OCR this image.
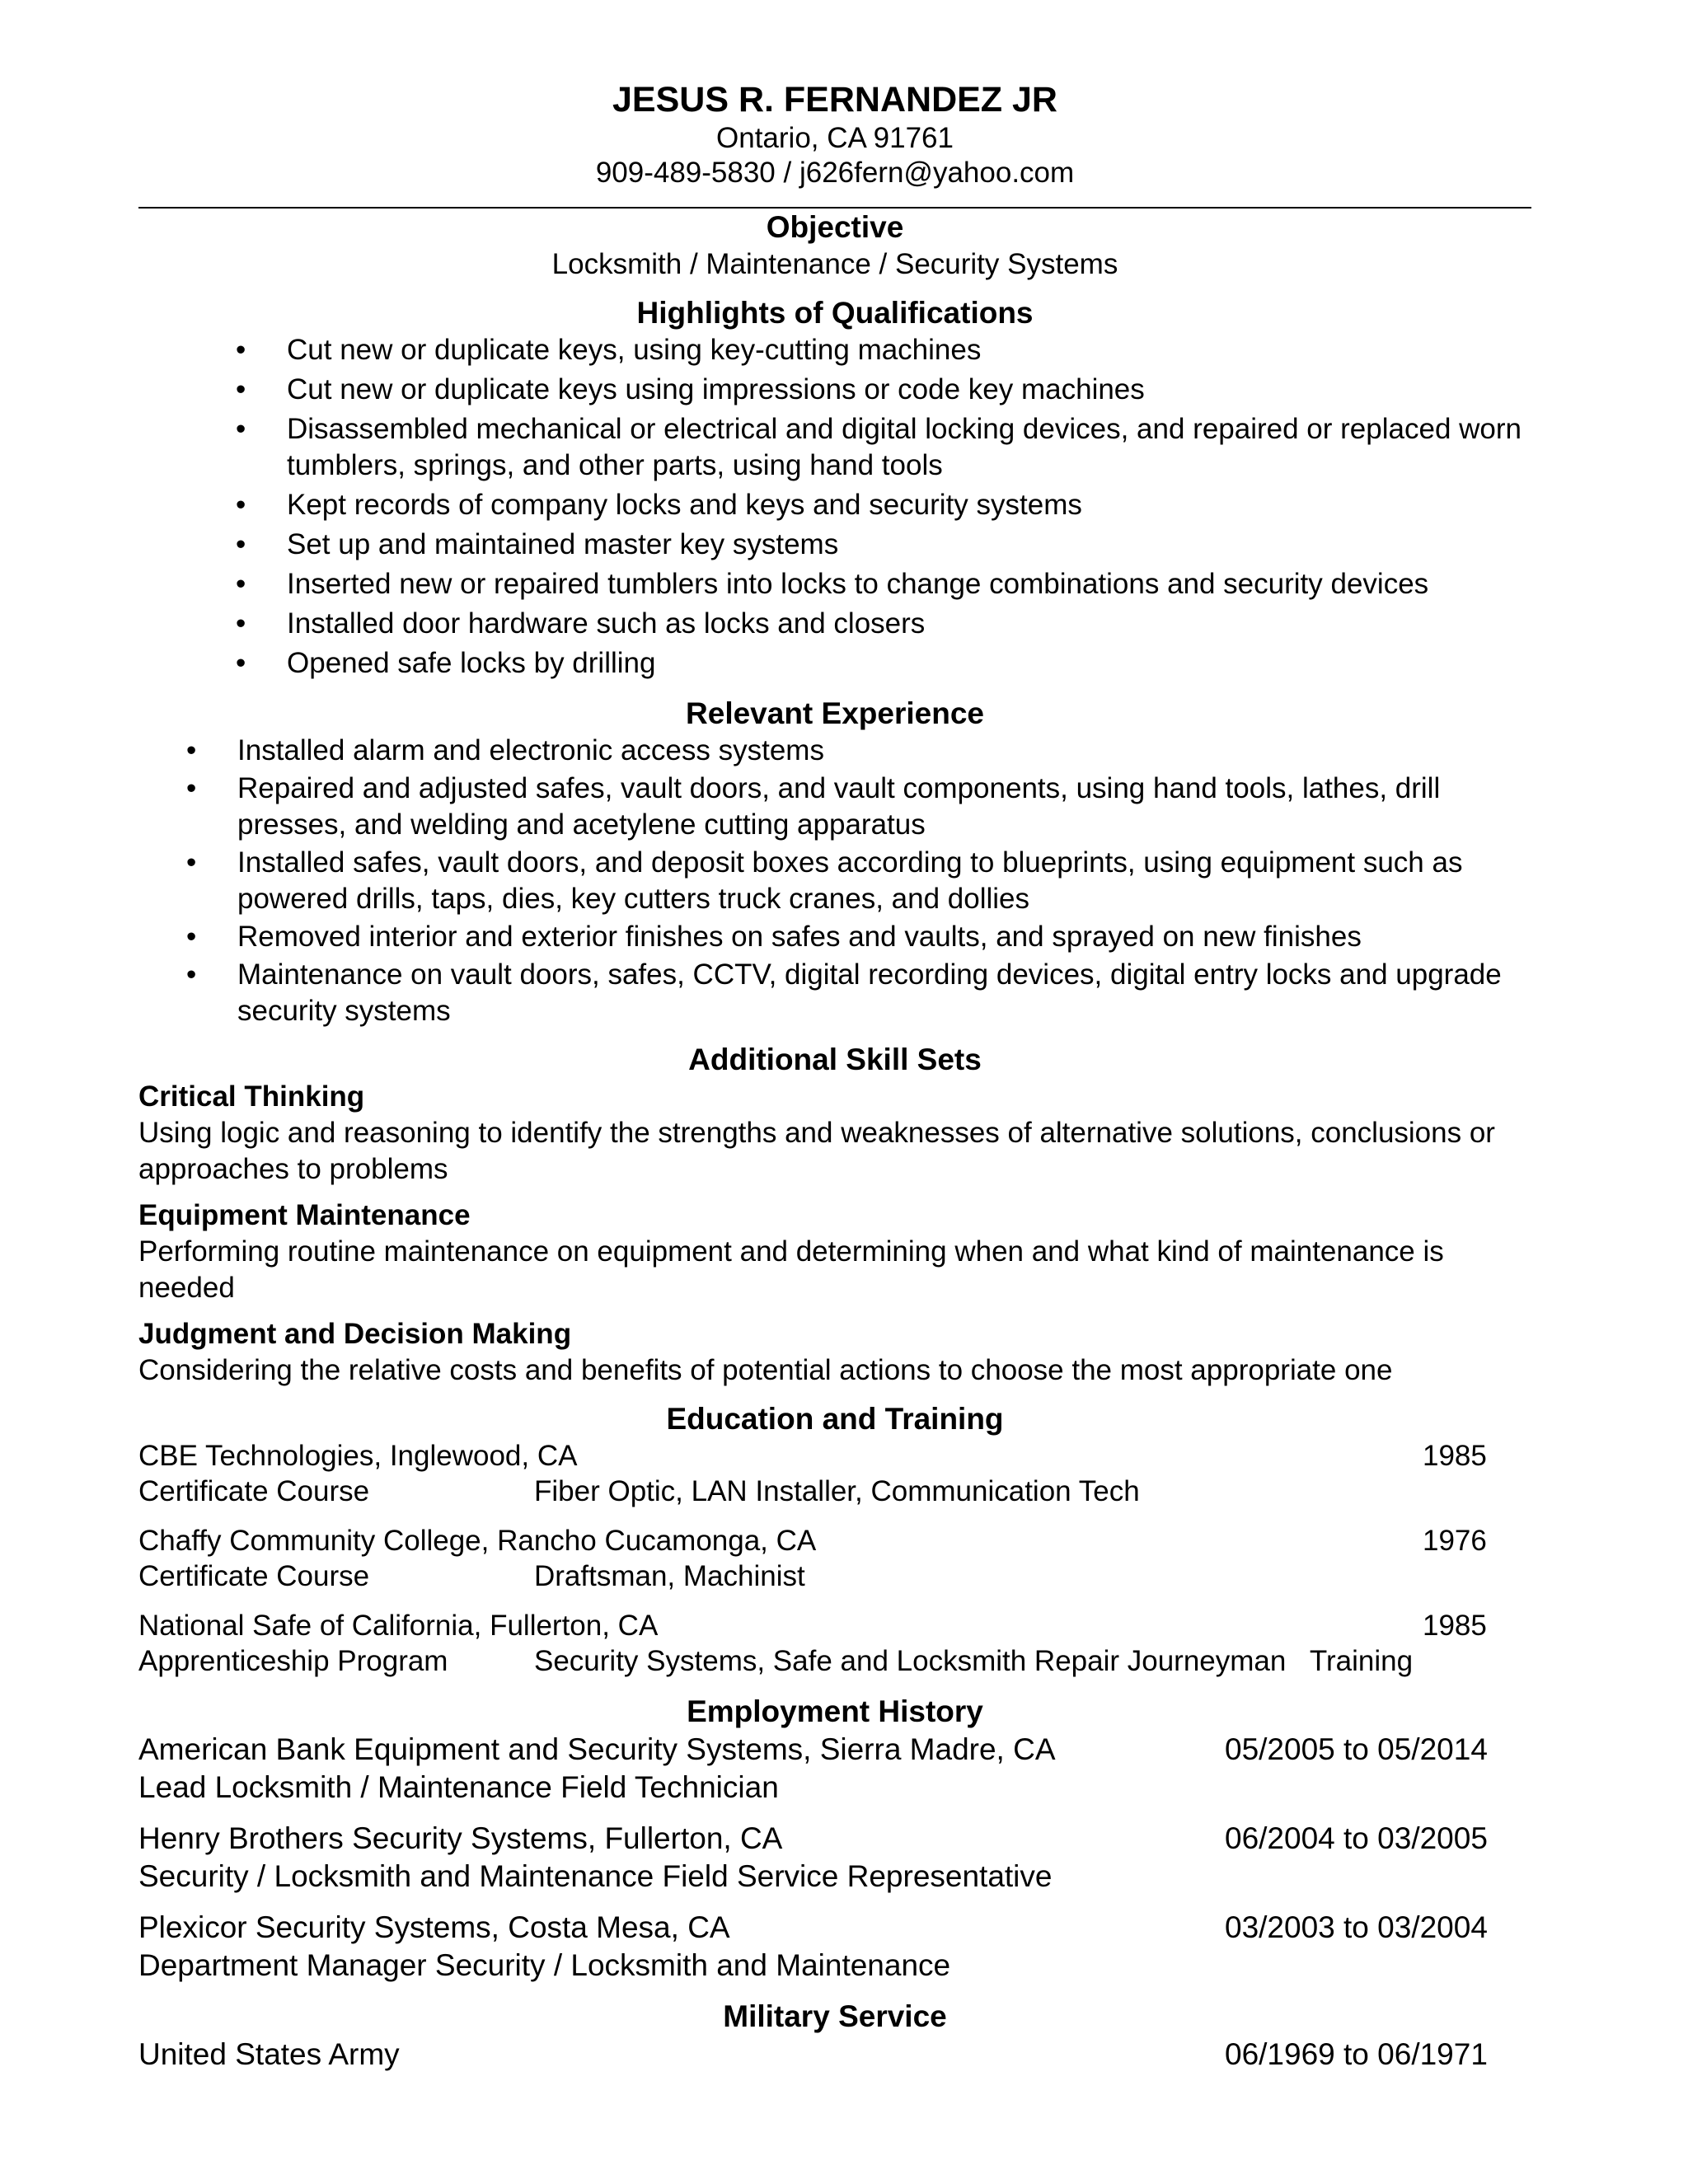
JESUS R. FERNANDEZ JR
Ontario, CA 91761
909-489-5830 / j626fern@yahoo.com
Objective
Locksmith / Maintenance / Security Systems
Highlights of Qualifications
• Cut new or duplicate keys, using key-cutting machines
• Cut new or duplicate keys using impressions or code key machines
• Disassembled mechanical or electrical and digital locking devices, and repaired or replaced worn tumblers, springs, and other parts, using hand tools
• Kept records of company locks and keys and security systems
• Set up and maintained master key systems
• Inserted new or repaired tumblers into locks to change combinations and security devices
• Installed door hardware such as locks and closers
• Opened safe locks by drilling
Relevant Experience
• Installed alarm and electronic access systems
• Repaired and adjusted safes, vault doors, and vault components, using hand tools, lathes, drill presses, and welding and acetylene cutting apparatus
• Installed safes, vault doors, and deposit boxes according to blueprints, using equipment such as powered drills, taps, dies, key cutters truck cranes, and dollies
• Removed interior and exterior finishes on safes and vaults, and sprayed on new finishes
• Maintenance on vault doors, safes, CCTV, digital recording devices, digital entry locks and upgrade security systems
Additional Skill Sets
Critical Thinking
Using logic and reasoning to identify the strengths and weaknesses of alternative solutions, conclusions or approaches to problems
Equipment Maintenance
Performing routine maintenance on equipment and determining when and what kind of maintenance is needed
Judgment and Decision Making
Considering the relative costs and benefits of potential actions to choose the most appropriate one
Education and Training
CBE Technologies, Inglewood, CA	1985
Certificate Course	Fiber Optic, LAN Installer, Communication Tech
Chaffy Community College, Rancho Cucamonga, CA	1976
Certificate Course	Draftsman, Machinist
National Safe of California, Fullerton, CA	1985
Apprenticeship Program	Security Systems, Safe and Locksmith Repair Journeyman   Training
Employment History
American Bank Equipment and Security Systems, Sierra Madre, CA	05/2005 to 05/2014
Lead Locksmith / Maintenance Field Technician
Henry Brothers Security Systems, Fullerton, CA	06/2004 to 03/2005
Security / Locksmith and Maintenance Field Service Representative
Plexicor Security Systems, Costa Mesa, CA	03/2003 to 03/2004
Department Manager Security / Locksmith and Maintenance
Military Service
United States Army	06/1969 to 06/1971
